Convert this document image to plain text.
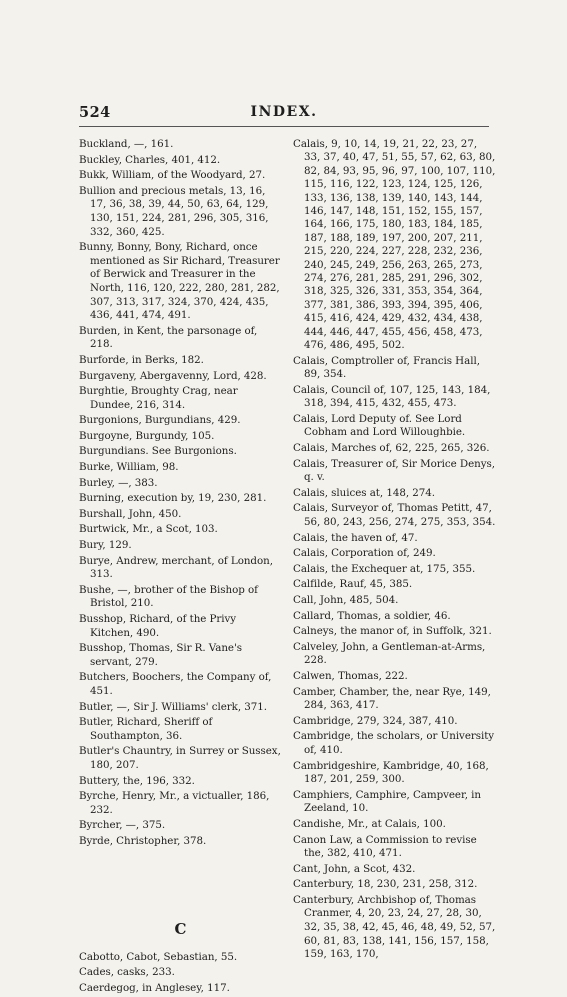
INDEX.
524
Buckland, —, 161.
Buckley, Charles, 401, 412.
Bukk, William, of the Woodyard, 27.
Bullion and precious metals, 13, 16, 17, 36, 38, 39, 44, 50, 63, 64, 129, 130, 151, 224, 281, 296, 305, 316, 332, 360, 425.
Bunny, Bonny, Bony, Richard, once mentioned as Sir Richard, Treasurer of Berwick and Treasurer in the North, 116, 120, 222, 280, 281, 282, 307, 313, 317, 324, 370, 424, 435, 436, 441, 474, 491.
Burden, in Kent, the parsonage of, 218.
Burforde, in Berks, 182.
Burgaveny, Abergavenny, Lord, 428.
Burghtie, Broughty Crag, near Dundee, 216, 314.
Burgonions, Burgundians, 429.
Burgoyne, Burgundy, 105.
Burgundians. See Burgonions.
Burke, William, 98.
Burley, —, 383.
Burning, execution by, 19, 230, 281.
Burshall, John, 450.
Burtwick, Mr., a Scot, 103.
Bury, 129.
Burye, Andrew, merchant, of London, 313.
Bushe, —, brother of the Bishop of Bristol, 210.
Busshop, Richard, of the Privy Kitchen, 490.
Busshop, Thomas, Sir R. Vane's servant, 279.
Butchers, Boochers, the Company of, 451.
Butler, —, Sir J. Williams' clerk, 371.
Butler, Richard, Sheriff of Southampton, 36.
Butler's Chauntry, in Surrey or Sussex, 180, 207.
Buttery, the, 196, 332.
Byrche, Henry, Mr., a victualler, 186, 232.
Byrcher, —, 375.
Byrde, Christopher, 378.
C
Cabotto, Cabot, Sebastian, 55.
Cades, casks, 233.
Caerdegog, in Anglesey, 117.
Calais, 9, 10, 14, 19, 21, 22, 23, 27, 33, 37, 40, 47, 51, 55, 57, 62, 63, 80, 82, 84, 93, 95, 96, 97, 100, 107, 110, 115, 116, 122, 123, 124, 125, 126, 133, 136, 138, 139, 140, 143, 144, 146, 147, 148, 151, 152, 155, 157, 164, 166, 175, 180, 183, 184, 185, 187, 188, 189, 197, 200, 207, 211, 215, 220, 224, 227, 228, 232, 236, 240, 245, 249, 256, 263, 265, 273, 274, 276, 281, 285, 291, 296, 302, 318, 325, 326, 331, 353, 354, 364, 377, 381, 386, 393, 394, 395, 406, 415, 416, 424, 429, 432, 434, 438, 444, 446, 447, 455, 456, 458, 473, 476, 486, 495, 502.
Calais, Comptroller of, Francis Hall, 89, 354.
Calais, Council of, 107, 125, 143, 184, 318, 394, 415, 432, 455, 473.
Calais, Lord Deputy of. See Lord Cobham and Lord Willoughbie.
Calais, Marches of, 62, 225, 265, 326.
Calais, Treasurer of, Sir Morice Denys, q. v.
Calais, sluices at, 148, 274.
Calais, Surveyor of, Thomas Petitt, 47, 56, 80, 243, 256, 274, 275, 353, 354.
Calais, the haven of, 47.
Calais, Corporation of, 249.
Calais, the Exchequer at, 175, 355.
Calfilde, Rauf, 45, 385.
Call, John, 485, 504.
Callard, Thomas, a soldier, 46.
Calneys, the manor of, in Suffolk, 321.
Calveley, John, a Gentleman-at-Arms, 228.
Calwen, Thomas, 222.
Camber, Chamber, the, near Rye, 149, 284, 363, 417.
Cambridge, 279, 324, 387, 410.
Cambridge, the scholars, or University of, 410.
Cambridgeshire, Kambridge, 40, 168, 187, 201, 259, 300.
Camphiers, Camphire, Campveer, in Zeeland, 10.
Candishe, Mr., at Calais, 100.
Canon Law, a Commission to revise the, 382, 410, 471.
Cant, John, a Scot, 432.
Canterbury, 18, 230, 231, 258, 312.
Canterbury, Archbishop of, Thomas Cranmer, 4, 20, 23, 24, 27, 28, 30, 32, 35, 38, 42, 45, 46, 48, 49, 52, 57, 60, 81, 83, 138, 141, 156, 157, 158, 159, 163, 170,
